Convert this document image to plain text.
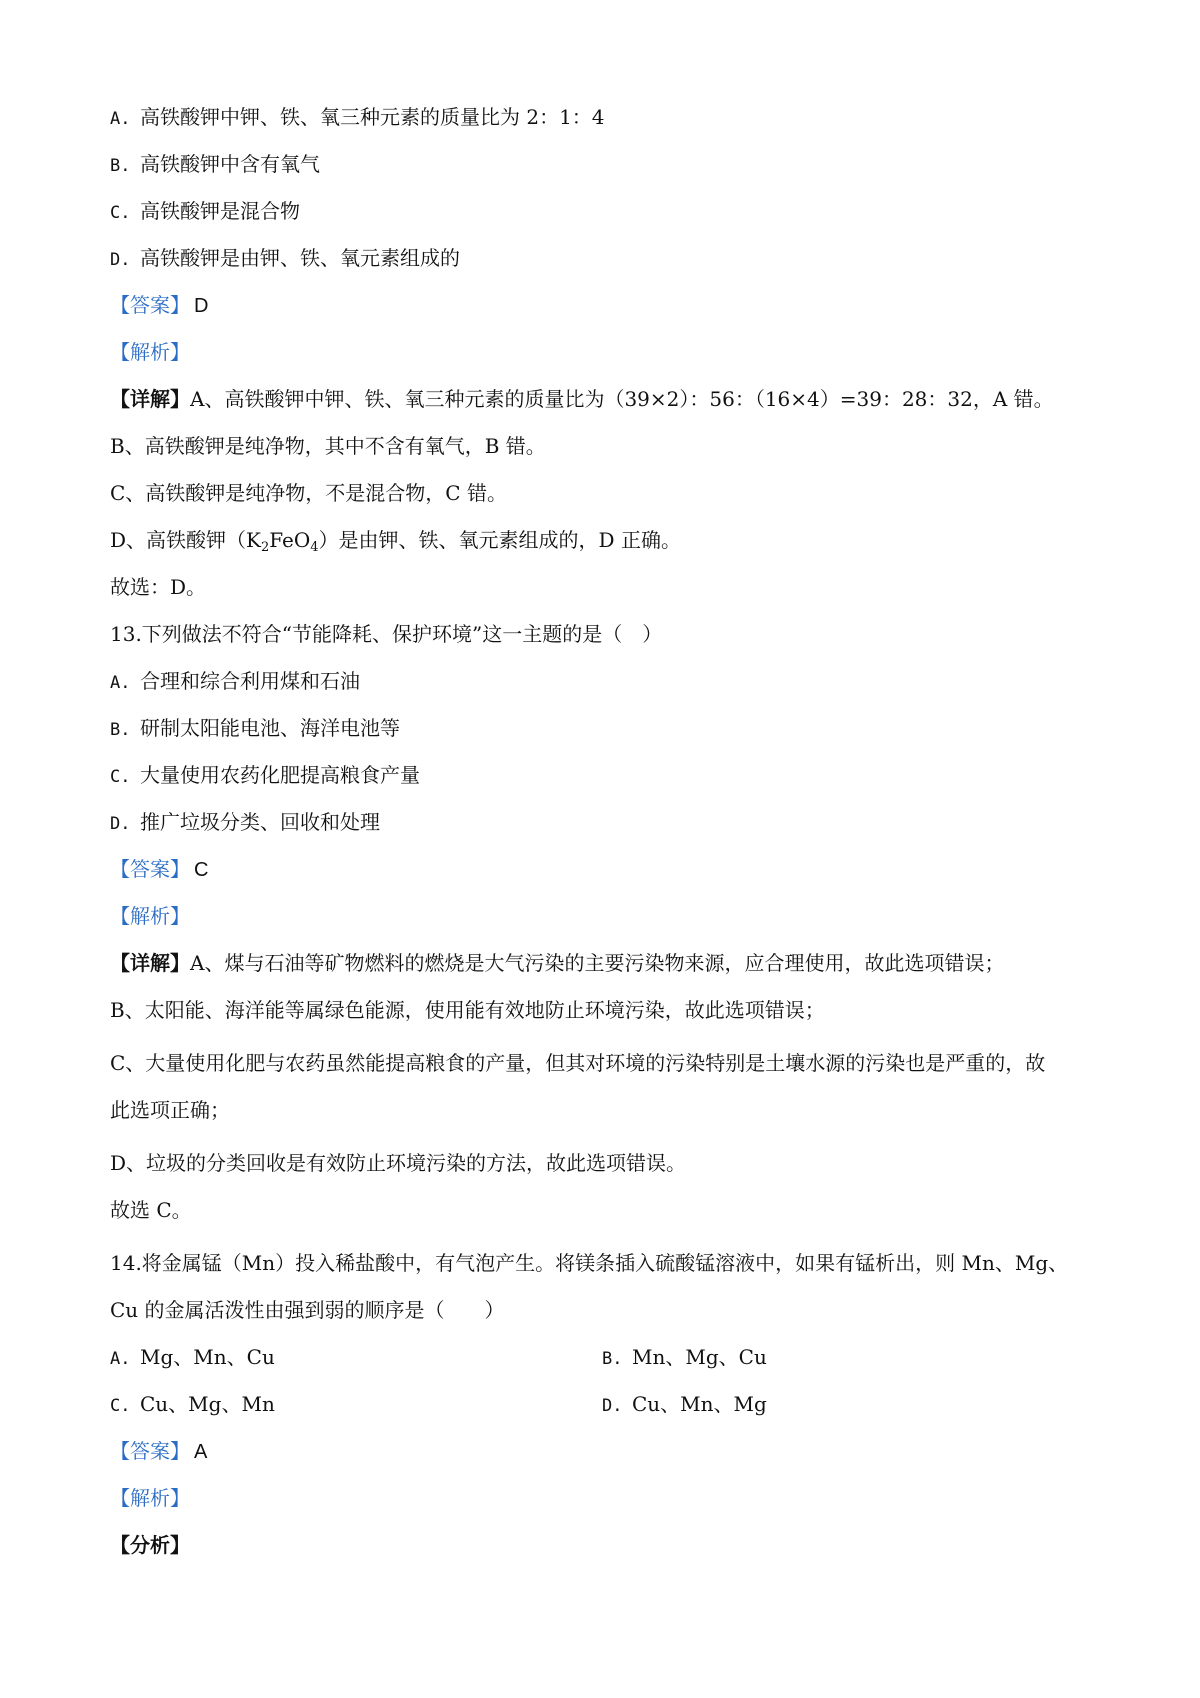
A. 高铁酸钾中钾、铁、氧三种元素的质量比为 2：1：4
B. 高铁酸钾中含有氧气
C. 高铁酸钾是混合物
D. 高铁酸钾是由钾、铁、氧元素组成的
【答案】 D
【解析】
【详解】A、高铁酸钾中钾、铁、氧三种元素的质量比为（39×2）：56：（16×4）=39：28：32，A 错。
B、高铁酸钾是纯净物，其中不含有氧气，B 错。
C、高铁酸钾是纯净物，不是混合物，C 错。
D、高铁酸钾$(K_2FeO_4)$是由钾、铁、氧元素组成的，D 正确。
故选：D。
13.下列做法不符合“节能降耗、保护环境”这一主题的是（　）
A. 合理和综合利用煤和石油
B. 研制太阳能电池、海洋电池等
C. 大量使用农药化肥提高粮食产量
D. 推广垃圾分类、回收和处理
【答案】 C
【解析】
【详解】A、煤与石油等矿物燃料的燃烧是大气污染的主要污染物来源，应合理使用，故此选项错误；
B、太阳能、海洋能等属绿色能源，使用能有效地防止环境污染，故此选项错误；
C、大量使用化肥与农药虽然能提高粮食的产量，但其对环境的污染特别是土壤水源的污染也是严重的，故
此选项正确；
D、垃圾的分类回收是有效防止环境污染的方法，故此选项错误。
故选 C。
14.将金属锰（Mn）投入稀盐酸中，有气泡产生。将镁条插入硫酸锰溶液中，如果有锰析出，则 Mn、Mg、
Cu 的金属活泼性由强到弱的顺序是（　　）
A. Mg、Mn、Cu	B. Mn、Mg、Cu
C. Cu、Mg、Mn	D. Cu、Mn、Mg
【答案】 A
【解析】
【分析】
